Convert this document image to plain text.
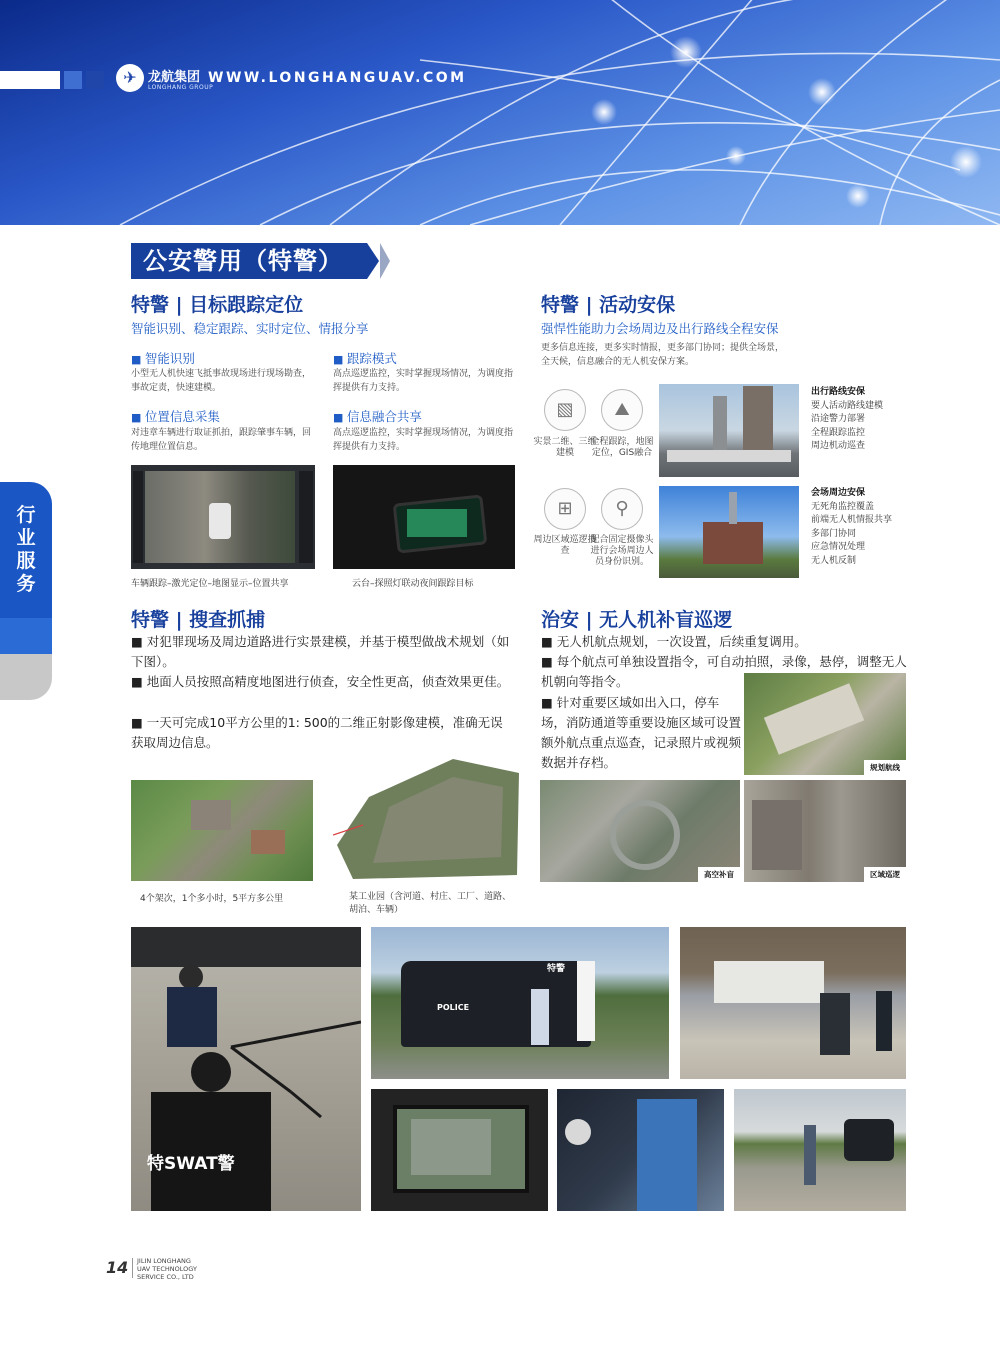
✈ 龙航集团
LONGHANG GROUP
WWW.LONGHANGUAV.COM
行业服务
公安警用（特警）
特警 | 目标跟踪定位
智能识别、稳定跟踪、实时定位、情报分享
■ 智能识别
小型无人机快速飞抵事故现场进行现场勘查，事故定责，快速建模。
■ 跟踪模式
高点巡逻监控，实时掌握现场情况，为调度指挥提供有力支持。
■ 位置信息采集
对违章车辆进行取证抓拍，跟踪肇事车辆，回传地理位置信息。
■ 信息融合共享
高点巡逻监控，实时掌握现场情况，为调度指挥提供有力支持。
车辆跟踪–激光定位–地图显示–位置共享	云台–探照灯联动夜间跟踪目标
特警 | 活动安保
强悍性能助力会场周边及出行路线全程安保
更多信息连接，更多实时情报，更多部门协同；提供全场景，全天候，信息融合的无人机安保方案。
▧
实景二维、三维建模
⛰
全程跟踪，地图定位，GIS融合
⊞
周边区域巡逻搜查
⚲
配合固定摄像头进行会场周边人员身份识别。
出行路线安保
要人活动路线建模
沿途警力部署
全程跟踪监控
周边机动巡查
会场周边安保
无死角监控覆盖
前端无人机情报共享
多部门协同
应急情况处理
无人机反制
特警 | 搜查抓捕
■ 对犯罪现场及周边道路进行实景建模，并基于模型做战术规划（如下图）。
■ 地面人员按照高精度地图进行侦查，安全性更高，侦查效果更佳。
■ 一天可完成10平方公里的1: 500的二维正射影像建模，准确无误获取周边信息。
4个架次，1个多小时，5平方多公里	某工业园（含河道、村庄、工厂、道路、胡泊、车辆）
治安 | 无人机补盲巡逻
■ 无人机航点规划，一次设置，后续重复调用。
■ 每个航点可单独设置指令，可自动拍照，录像，悬停，调整无人机朝向等指令。
■ 针对重要区域如出入口，停车场，消防通道等重要设施区域可设置额外航点重点巡查，记录照片或视频数据并存档。	规划航线
高空补盲	区域巡逻
特SWAT警
POLICE
特警
14 JILIN LONGHANG
UAV TECHNOLOGY
SERVICE CO., LTD
